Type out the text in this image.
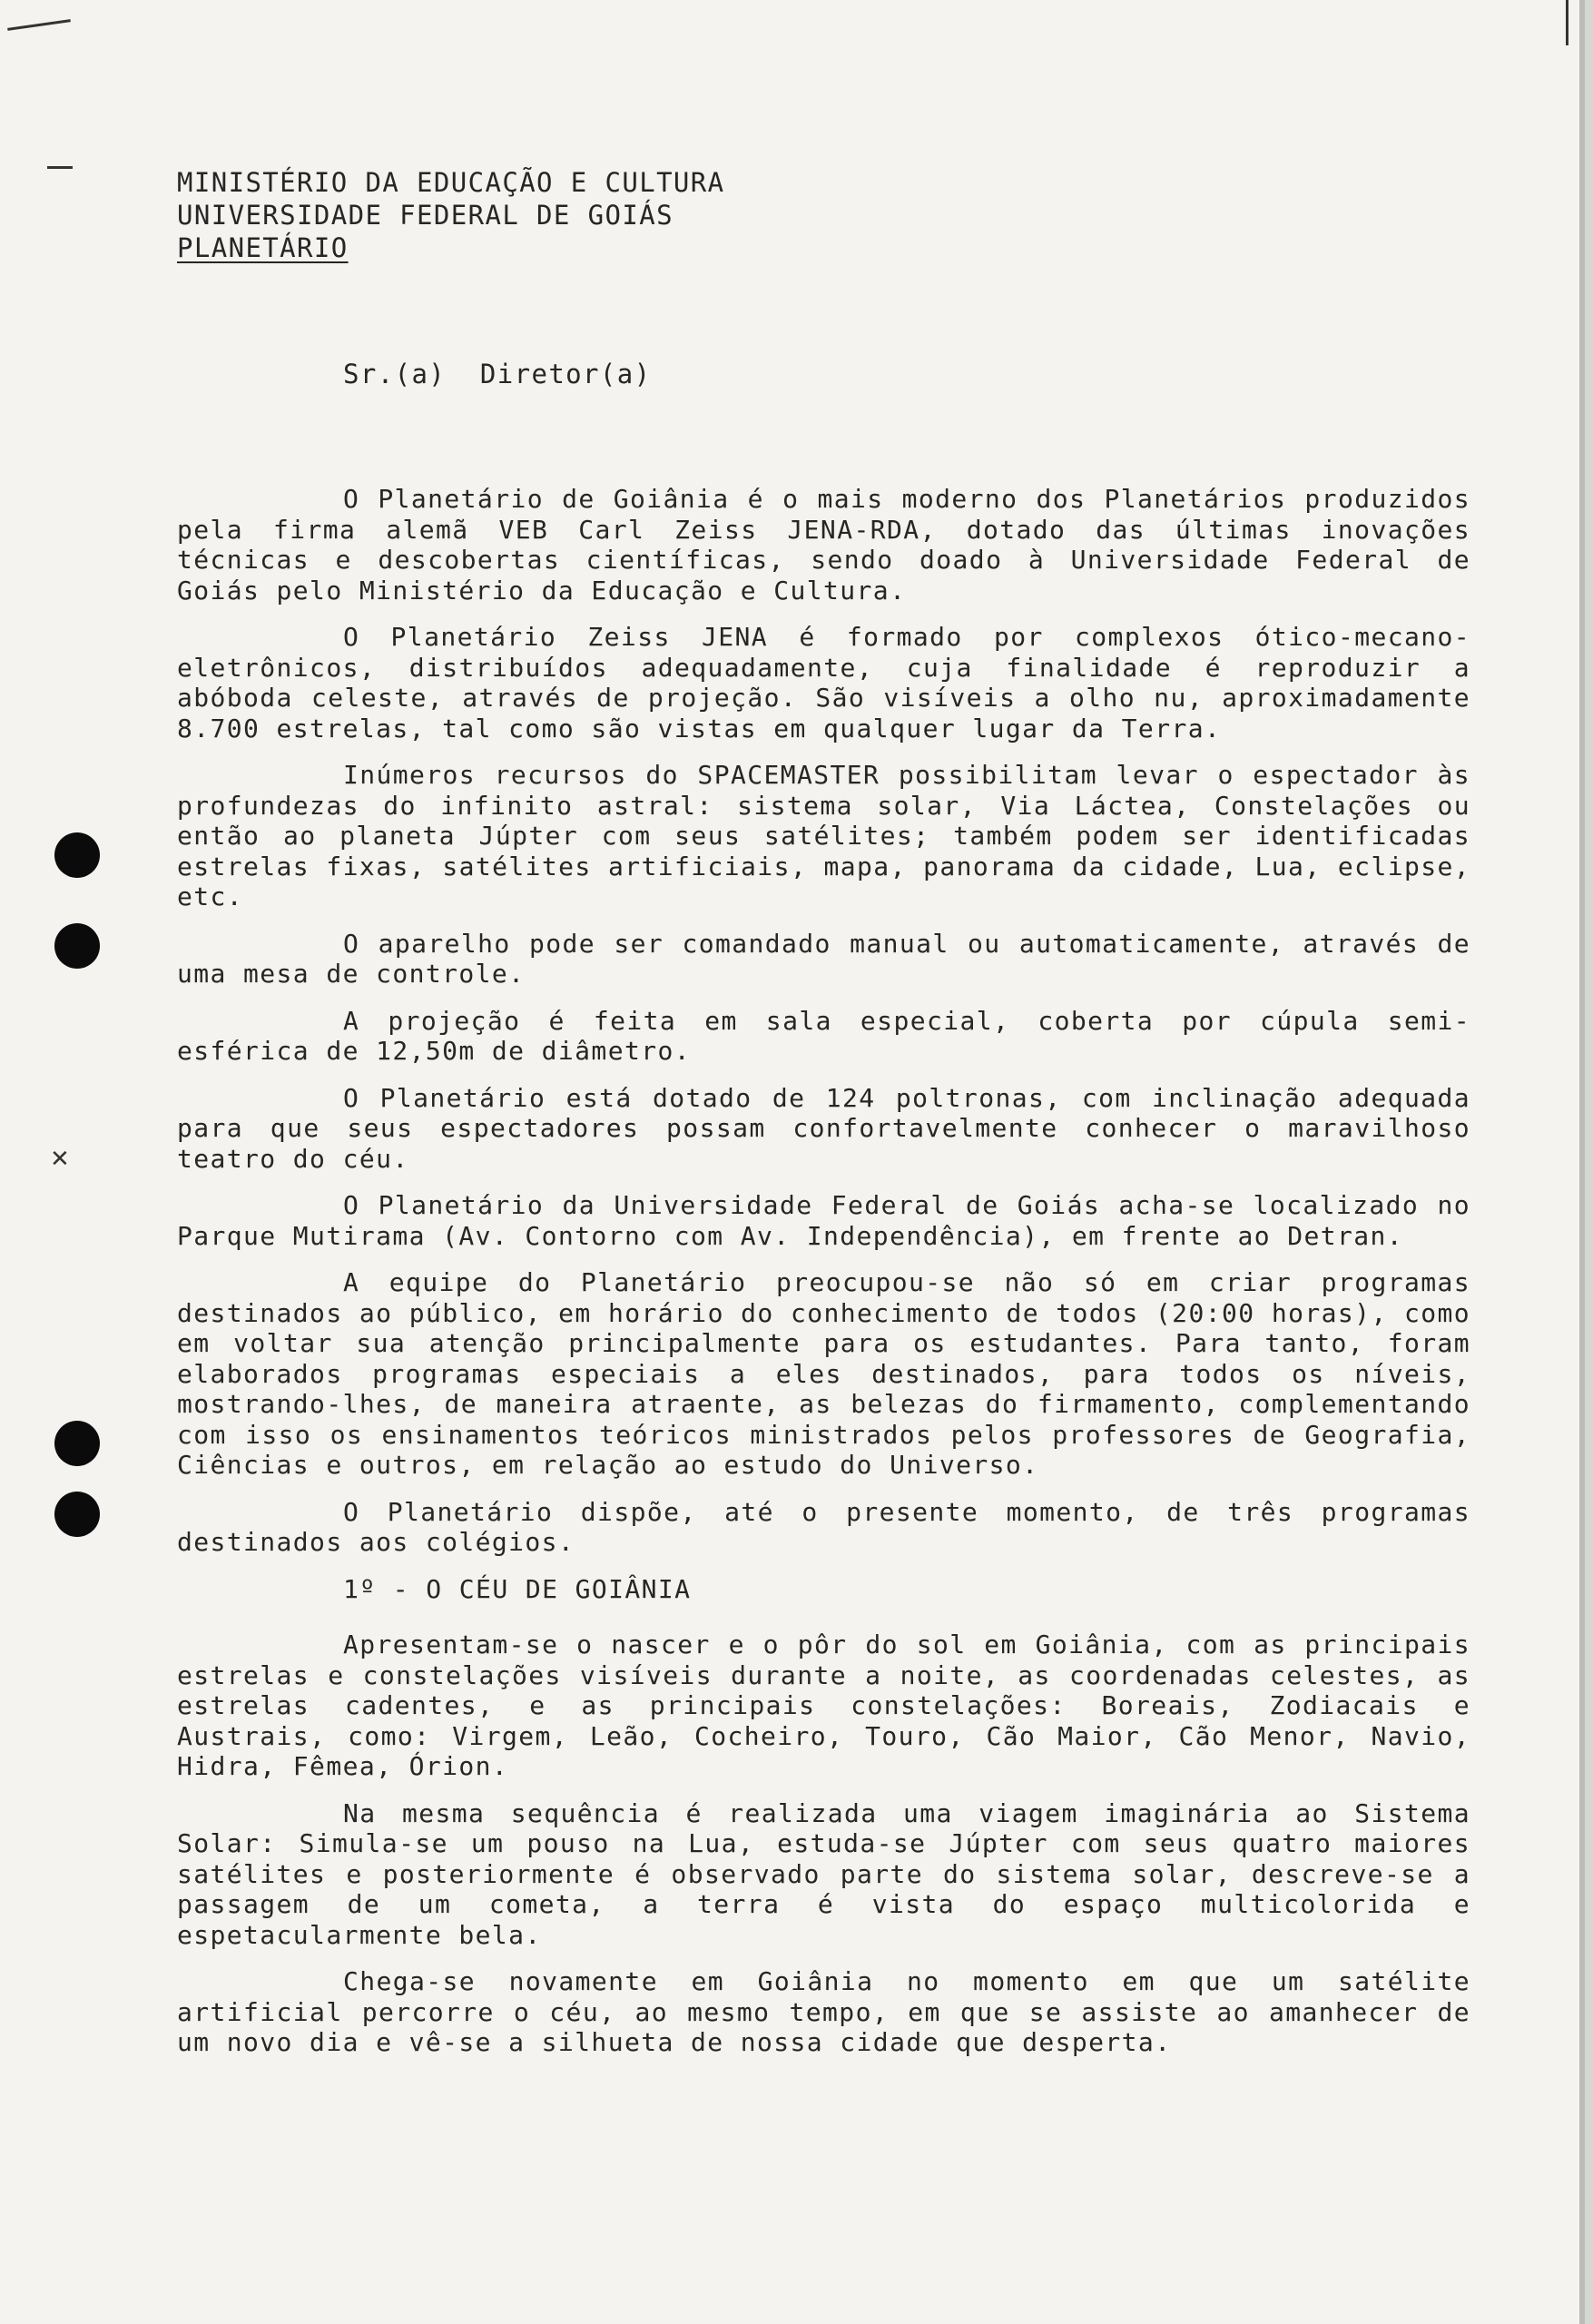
✕
MINISTÉRIO DA EDUCAÇÃO E CULTURA
UNIVERSIDADE FEDERAL DE GOIÁS
PLANETÁRIO
Sr.(a)  Diretor(a)

O Planetário de Goiânia é o mais moderno dos Planetários produzidos pela firma alemã VEB Carl Zeiss JENA-RDA, dotado das últimas inovações técnicas e descobertas científicas, sendo doado à Universidade Federal de Goiás pelo Ministério da Educação e Cultura.

O Planetário Zeiss JENA é formado por complexos ótico-mecano-eletrônicos, distribuídos adequadamente, cuja finalidade é reproduzir a abóboda celeste, através de projeção. São visíveis a olho nu, aproximadamente 8.700 estrelas, tal como são vistas em qualquer lugar da Terra.

Inúmeros recursos do SPACEMASTER possibilitam levar o espectador às profundezas do infinito astral: sistema solar, Via Láctea, Constelações ou então ao planeta Júpter com seus satélites; também podem ser identificadas estrelas fixas, satélites artificiais, mapa, panorama da cidade, Lua, eclipse, etc.

O aparelho pode ser comandado manual ou automaticamente, através de uma mesa de controle.

A projeção é feita em sala especial, coberta por cúpula semi-esférica de 12,50m de diâmetro.

O Planetário está dotado de 124 poltronas, com inclinação adequada para que seus espectadores possam confortavelmente conhecer o maravilhoso teatro do céu.

O Planetário da Universidade Federal de Goiás acha-se localizado no Parque Mutirama (Av. Contorno com Av. Independência), em frente ao Detran.

A equipe do Planetário preocupou-se não só em criar programas destinados ao público, em horário do conhecimento de todos (20:00 horas), como em voltar sua atenção principalmente para os estudantes. Para tanto, foram elaborados programas especiais a eles destinados, para todos os níveis, mostrando-lhes, de maneira atraente, as belezas do firmamento, complementando com isso os ensinamentos teóricos ministrados pelos professores de Geografia, Ciências e outros, em relação ao estudo do Universo.

O Planetário dispõe, até o presente momento, de três programas destinados aos colégios.

1º - O CÉU DE GOIÂNIA

Apresentam-se o nascer e o pôr do sol em Goiânia, com as principais estrelas e constelações visíveis durante a noite, as coordenadas celestes, as estrelas cadentes, e as principais constelações: Boreais, Zodiacais e Austrais, como: Virgem, Leão, Cocheiro, Touro, Cão Maior, Cão Menor, Navio, Hidra, Fêmea, Órion.

Na mesma sequência é realizada uma viagem imaginária ao Sistema Solar: Simula-se um pouso na Lua, estuda-se Júpter com seus quatro maiores satélites e posteriormente é observado parte do sistema solar, descreve-se a passagem de um cometa, a terra é vista do espaço multicolorida e espetacularmente bela.

Chega-se novamente em Goiânia no momento em que um satélite artificial percorre o céu, ao mesmo tempo, em que se assiste ao amanhecer de um novo dia e vê-se a silhueta de nossa cidade que desperta.
